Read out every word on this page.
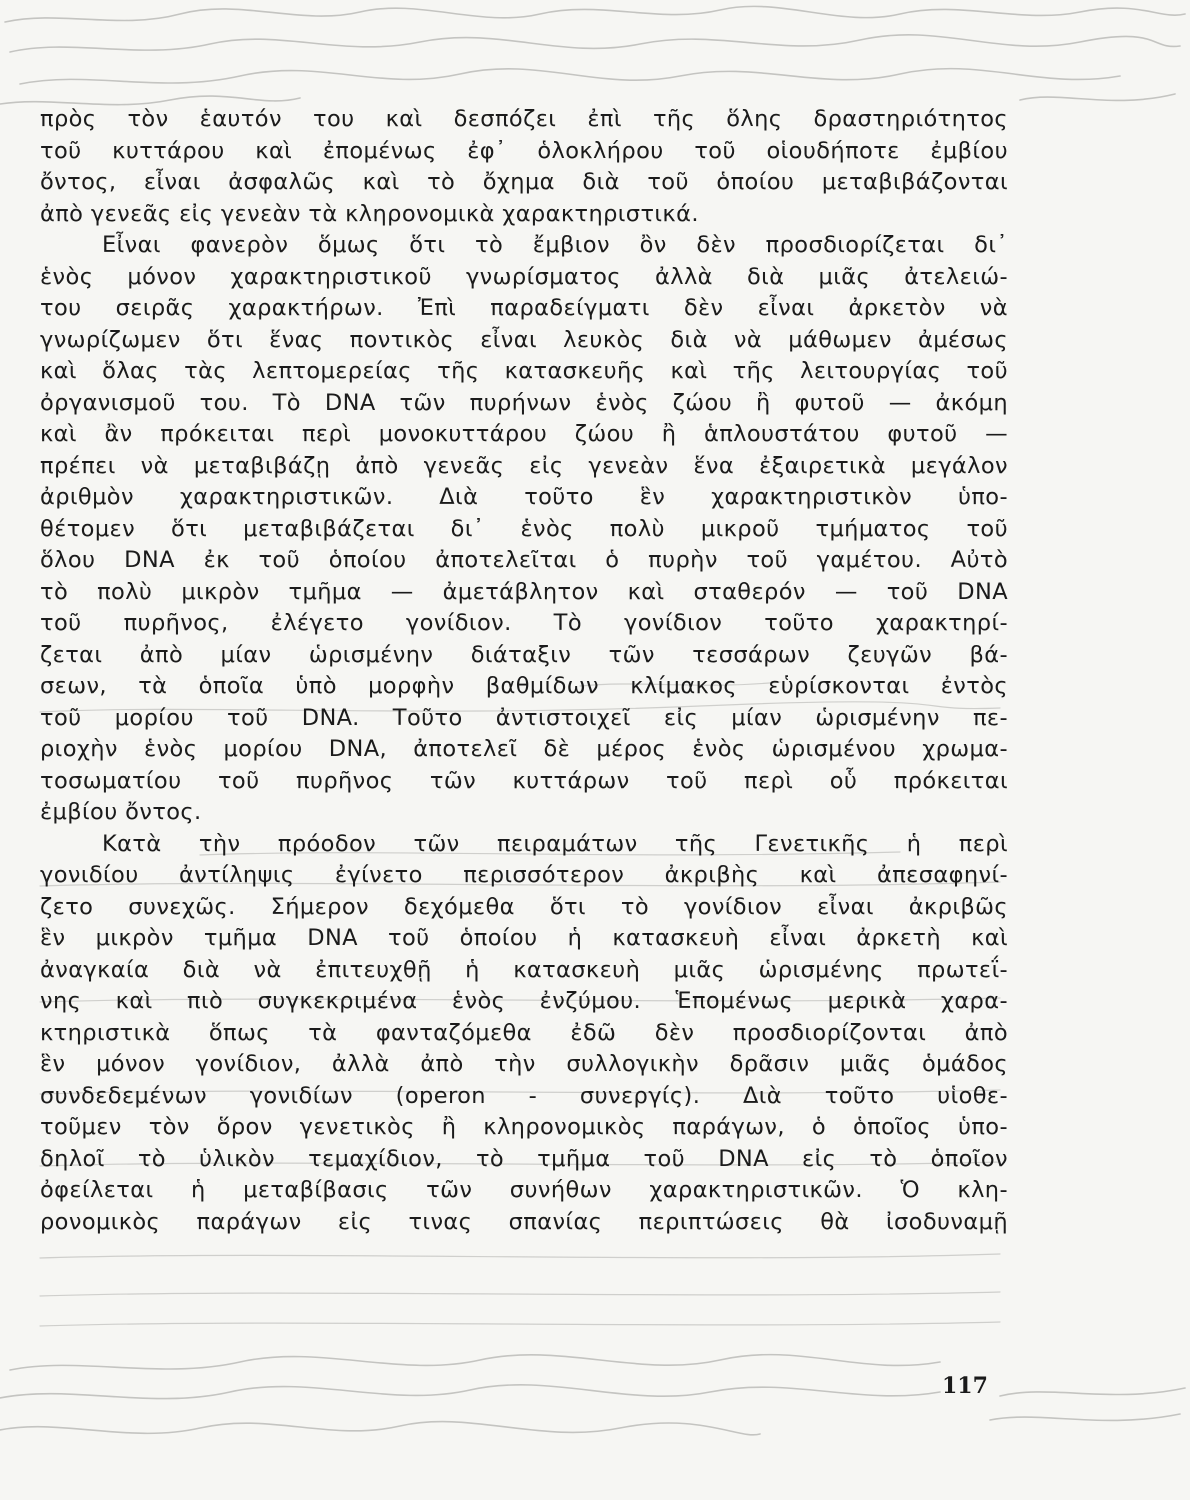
πρὸς τὸν ἑαυτόν του καὶ δεσπόζει ἐπὶ τῆς ὅλης δραστηριότητος
τοῦ κυττάρου καὶ ἐπομένως ἐφ᾽ ὁλοκλήρου τοῦ οἱουδήποτε ἐμβίου
ὄντος, εἶναι ἀσφαλῶς καὶ τὸ ὄχημα διὰ τοῦ ὁποίου μεταβιβάζονται
ἀπὸ γενεᾶς εἰς γενεὰν τὰ κληρονομικὰ χαρακτηριστικά.
Εἶναι φανερὸν ὅμως ὅτι τὸ ἔμβιον ὂν δὲν προσδιορίζεται δι᾽
ἑνὸς μόνον χαρακτηριστικοῦ γνωρίσματος ἀλλὰ διὰ μιᾶς ἀτελειώ-
του σειρᾶς χαρακτήρων. Ἐπὶ παραδείγματι δὲν εἶναι ἀρκετὸν νὰ
γνωρίζωμεν ὅτι ἕνας ποντικὸς εἶναι λευκὸς διὰ νὰ μάθωμεν ἀμέσως
καὶ ὅλας τὰς λεπτομερείας τῆς κατασκευῆς καὶ τῆς λειτουργίας τοῦ
ὀργανισμοῦ του. Τὸ DNA τῶν πυρήνων ἑνὸς ζώου ἢ φυτοῦ — ἀκόμη
καὶ ἂν πρόκειται περὶ μονοκυττάρου ζώου ἢ ἁπλουστάτου φυτοῦ —
πρέπει νὰ μεταβιβάζῃ ἀπὸ γενεᾶς εἰς γενεὰν ἕνα ἐξαιρετικὰ μεγάλον
ἀριθμὸν χαρακτηριστικῶν. Διὰ τοῦτο ἓν χαρακτηριστικὸν ὑπο-
θέτομεν ὅτι μεταβιβάζεται δι᾽ ἑνὸς πολὺ μικροῦ τμήματος τοῦ
ὅλου DNA ἐκ τοῦ ὁποίου ἀποτελεῖται ὁ πυρὴν τοῦ γαμέτου. Αὐτὸ
τὸ πολὺ μικρὸν τμῆμα — ἀμετάβλητον καὶ σταθερόν — τοῦ DNA
τοῦ πυρῆνος, ἐλέγετο γονίδιον. Τὸ γονίδιον τοῦτο χαρακτηρί-
ζεται ἀπὸ μίαν ὡρισμένην διάταξιν τῶν τεσσάρων ζευγῶν βά-
σεων, τὰ ὁποῖα ὑπὸ μορφὴν βαθμίδων κλίμακος εὑρίσκονται ἐντὸς
τοῦ μορίου τοῦ DNA. Τοῦτο ἀντιστοιχεῖ εἰς μίαν ὡρισμένην πε-
ριοχὴν ἑνὸς μορίου DNA, ἀποτελεῖ δὲ μέρος ἑνὸς ὡρισμένου χρωμα-
τοσωματίου τοῦ πυρῆνος τῶν κυττάρων τοῦ περὶ οὗ πρόκειται
ἐμβίου ὄντος.
Κατὰ τὴν πρόοδον τῶν πειραμάτων τῆς Γενετικῆς ἡ περὶ
γονιδίου ἀντίληψις ἐγίνετο περισσότερον ἀκριβὴς καὶ ἀπεσαφηνί-
ζετο συνεχῶς. Σήμερον δεχόμεθα ὅτι τὸ γονίδιον εἶναι ἀκριβῶς
ἓν μικρὸν τμῆμα DNA τοῦ ὁποίου ἡ κατασκευὴ εἶναι ἀρκετὴ καὶ
ἀναγκαία διὰ νὰ ἐπιτευχθῇ ἡ κατασκευὴ μιᾶς ὡρισμένης πρωτεΐ-
νης καὶ πιὸ συγκεκριμένα ἑνὸς ἐνζύμου. Ἑπομένως μερικὰ χαρα-
κτηριστικὰ ὅπως τὰ φανταζόμεθα ἐδῶ δὲν προσδιορίζονται ἀπὸ
ἓν μόνον γονίδιον, ἀλλὰ ἀπὸ τὴν συλλογικὴν δρᾶσιν μιᾶς ὁμάδος
συνδεδεμένων γονιδίων (operon - συνεργίς). Διὰ τοῦτο υἱοθε-
τοῦμεν τὸν ὅρον γενετικὸς ἢ κληρονομικὸς παράγων, ὁ ὁποῖος ὑπο-
δηλοῖ τὸ ὑλικὸν τεμαχίδιον, τὸ τμῆμα τοῦ DNA εἰς τὸ ὁποῖον
ὀφείλεται ἡ μεταβίβασις τῶν συνήθων χαρακτηριστικῶν. Ὁ κλη-
ρονομικὸς παράγων εἰς τινας σπανίας περιπτώσεις θὰ ἰσοδυναμῇ
117
